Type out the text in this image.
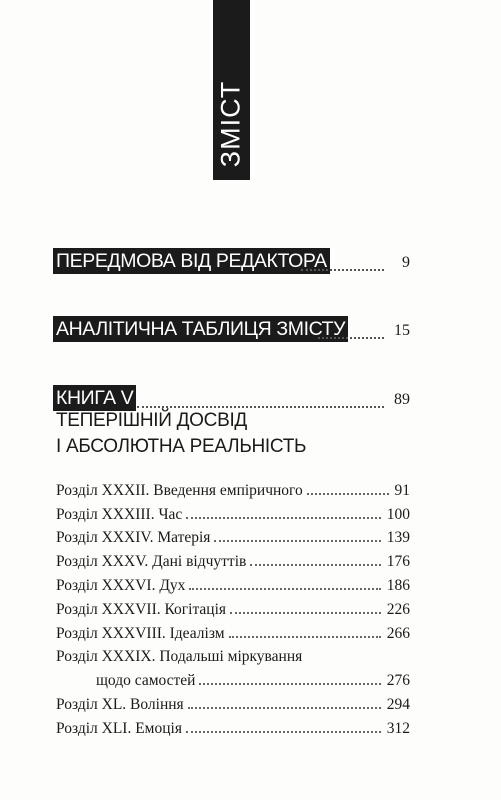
ЗМІСТ
ПЕРЕДМОВА ВІД РЕДАКТОРА	9
АНАЛІТИЧНА ТАБЛИЦЯ ЗМІСТУ	15
КНИГА V	89
ТЕПЕРІШНІЙ ДОСВІД
І АБСОЛЮТНА РЕАЛЬНІСТЬ
Розділ XXXII. Введення емпіричного	91
Розділ XXXIII. Час	100
Розділ XXXIV. Матерія	139
Розділ XXXV. Дані відчуттів	176
Розділ XXXVI. Дух	186
Розділ XXXVII. Когітація	226
Розділ XXXVIII. Ідеалізм	266
Розділ XXXIX. Подальші міркування
щодо самостей	276
Розділ XL. Воління	294
Розділ XLI. Емоція	312
